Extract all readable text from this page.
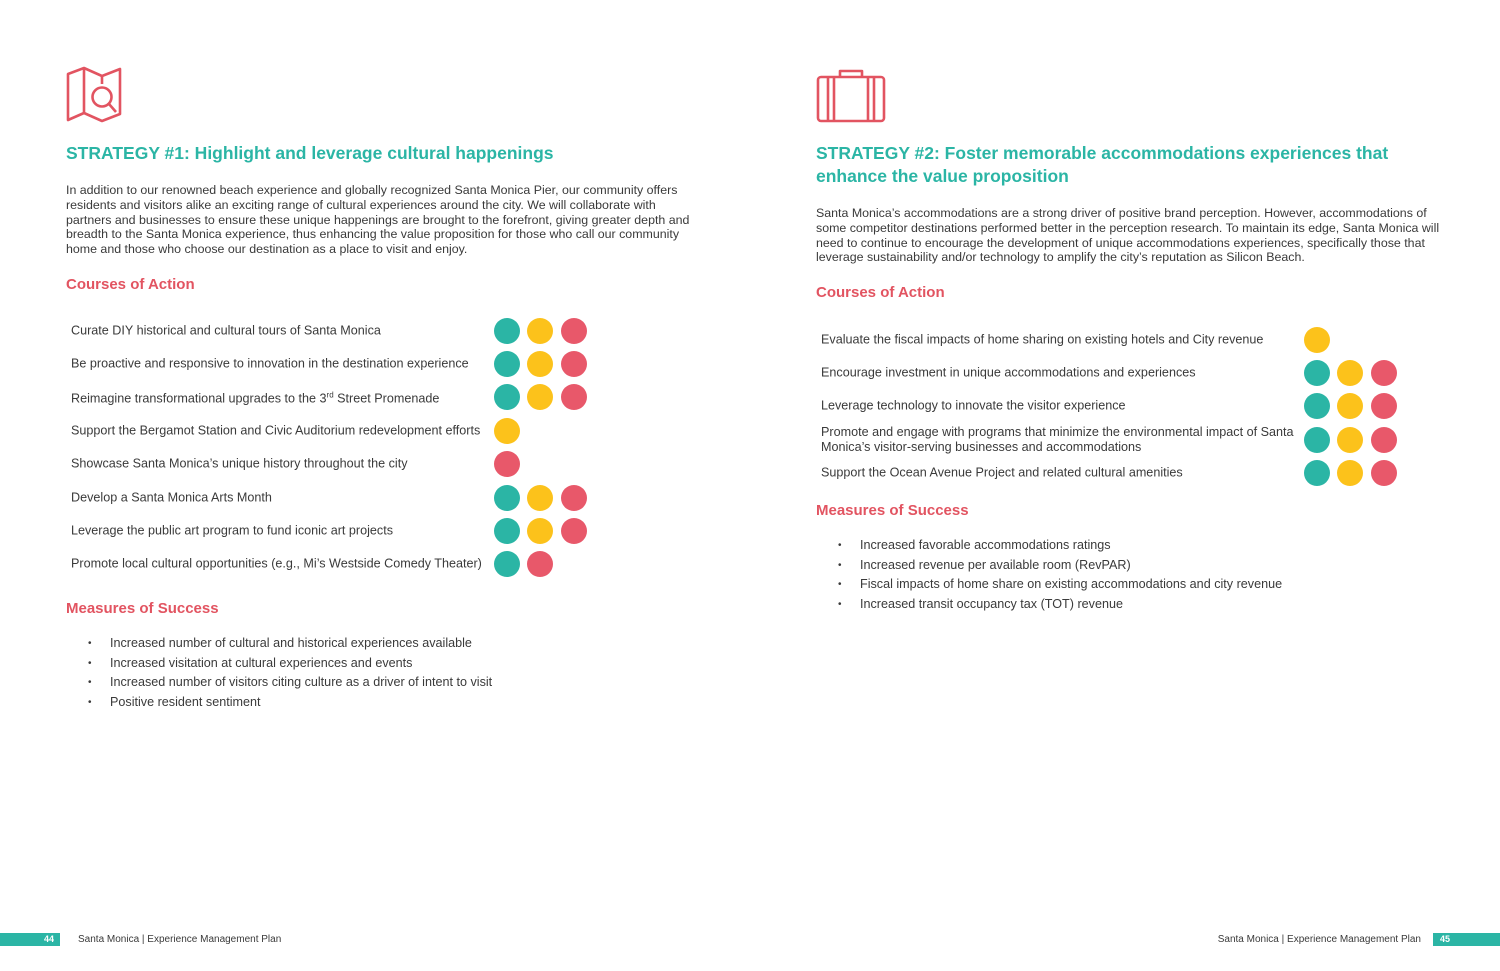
STRATEGY #1: Highlight and leverage cultural happenings

In addition to our renowned beach experience and globally recognized Santa Monica Pier, our community offers residents and visitors alike an exciting range of cultural experiences around the city. We will collaborate with partners and businesses to ensure these unique happenings are brought to the forefront, giving greater depth and breadth to the Santa Monica experience, thus enhancing the value proposition for those who call our community home and those who choose our destination as a place to visit and enjoy.

Courses of Action
Curate DIY historical and cultural tours of Santa Monica
Be proactive and responsive to innovation in the destination experience
Reimagine transformational upgrades to the 3rd Street Promenade
Support the Bergamot Station and Civic Auditorium redevelopment efforts
Showcase Santa Monica’s unique history throughout the city
Develop a Santa Monica Arts Month
Leverage the public art program to fund iconic art projects
Promote local cultural opportunities (e.g., Mi’s Westside Comedy Theater)
Measures of Success
• Increased number of cultural and historical experiences available
• Increased visitation at cultural experiences and events
• Increased number of visitors citing culture as a driver of intent to visit
• Positive resident sentiment
STRATEGY #2: Foster memorable accommodations experiences that enhance the value proposition

Santa Monica’s accommodations are a strong driver of positive brand perception. However, accommodations of some competitor destinations performed better in the perception research. To maintain its edge, Santa Monica will need to continue to encourage the development of unique accommodations experiences, specifically those that leverage sustainability and/or technology to amplify the city’s reputation as Silicon Beach.

Courses of Action
Evaluate the fiscal impacts of home sharing on existing hotels and City revenue
Encourage investment in unique accommodations and experiences
Leverage technology to innovate the visitor experience
Promote and engage with programs that minimize the environmental impact of Santa Monica’s visitor-serving businesses and accommodations
Support the Ocean Avenue Project and related cultural amenities
Measures of Success
• Increased favorable accommodations ratings
• Increased revenue per available room (RevPAR)
• Fiscal impacts of home share on existing accommodations and city revenue
• Increased transit occupancy tax (TOT) revenue
44	Santa Monica | Experience Management Plan	Santa Monica | Experience Management Plan	45
